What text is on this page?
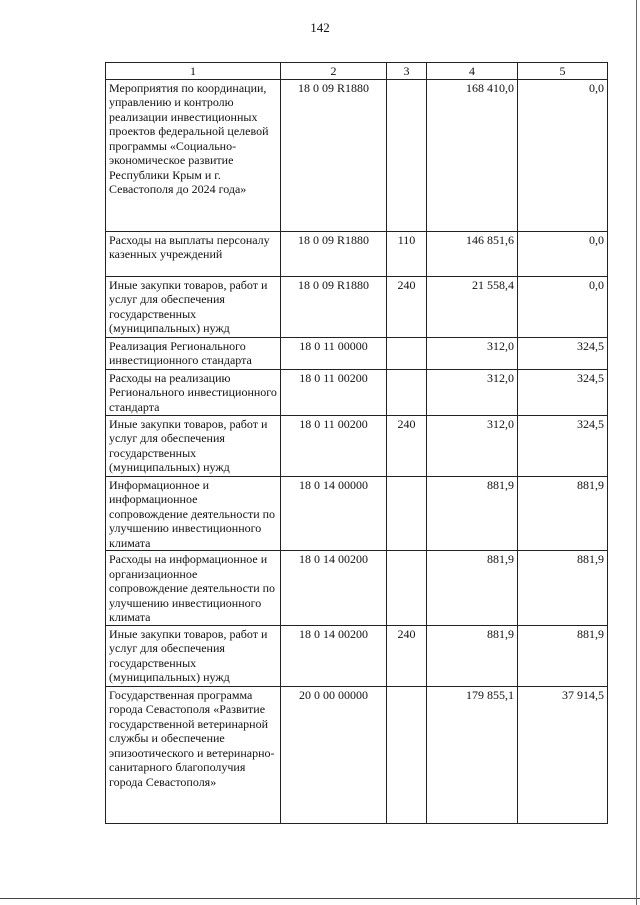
142
1	2	3	4	5
Мероприятия по координации, управлению и контролю реализации инвестиционных проектов федеральной целевой программы «Социально-экономическое развитие Республики Крым и г. Севастополя до 2024 года»	18 0 09 R1880		168 410,0	0,0
Расходы на выплаты персоналу казенных учреждений	18 0 09 R1880	110	146 851,6	0,0
Иные закупки товаров, работ и услуг для обеспечения государственных (муниципальных) нужд	18 0 09 R1880	240	21 558,4	0,0
Реализация Регионального инвестиционного стандарта	18 0 11 00000		312,0	324,5
Расходы на реализацию Регионального инвестиционного стандарта	18 0 11 00200		312,0	324,5
Иные закупки товаров, работ и услуг для обеспечения государственных (муниципальных) нужд	18 0 11 00200	240	312,0	324,5
Информационное и информационное сопровождение деятельности по улучшению инвестиционного климата	18 0 14 00000		881,9	881,9
Расходы на информационное и организационное сопровождение деятельности по улучшению инвестиционного климата	18 0 14 00200		881,9	881,9
Иные закупки товаров, работ и услуг для обеспечения государственных (муниципальных) нужд	18 0 14 00200	240	881,9	881,9
Государственная программа города Севастополя «Развитие государственной ветеринарной службы и обеспечение эпизоотического и ветеринарно-санитарного благополучия города Севастополя»	20 0 00 00000		179 855,1	37 914,5
